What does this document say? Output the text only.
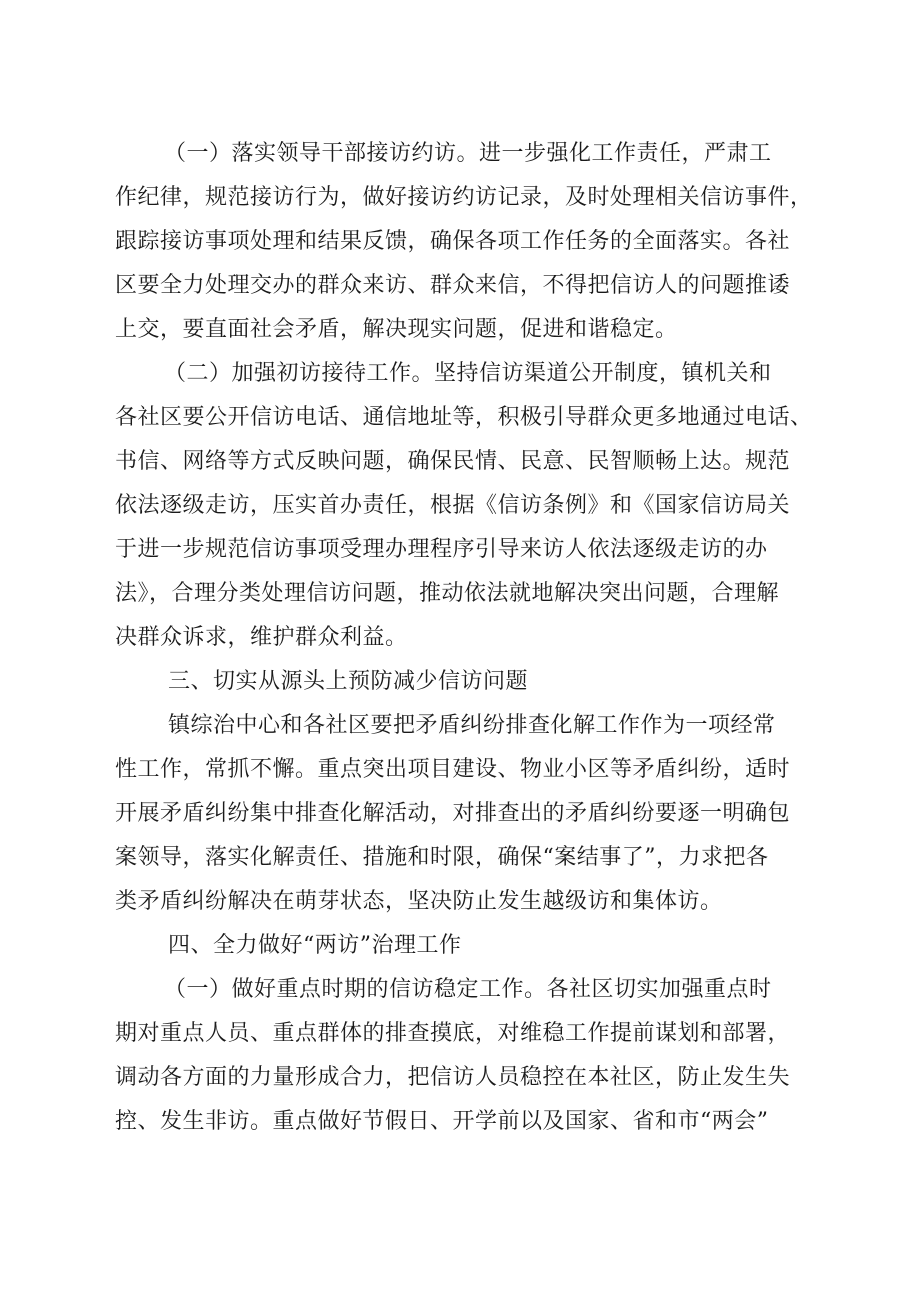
（一）落实领导干部接访约访。进一步强化工作责任，严肃工
作纪律，规范接访行为，做好接访约访记录，及时处理相关信访事件，
跟踪接访事项处理和结果反馈，确保各项工作任务的全面落实。各社
区要全力处理交办的群众来访、群众来信，不得把信访人的问题推诿
上交，要直面社会矛盾，解决现实问题，促进和谐稳定。
（二）加强初访接待工作。坚持信访渠道公开制度，镇机关和
各社区要公开信访电话、通信地址等，积极引导群众更多地通过电话、
书信、网络等方式反映问题，确保民情、民意、民智顺畅上达。规范
依法逐级走访，压实首办责任，根据《信访条例》和《国家信访局关
于进一步规范信访事项受理办理程序引导来访人依法逐级走访的办
法》，合理分类处理信访问题，推动依法就地解决突出问题，合理解
决群众诉求，维护群众利益。
三、切实从源头上预防减少信访问题
镇综治中心和各社区要把矛盾纠纷排查化解工作作为一项经常
性工作，常抓不懈。重点突出项目建设、物业小区等矛盾纠纷，适时
开展矛盾纠纷集中排查化解活动，对排查出的矛盾纠纷要逐一明确包
案领导，落实化解责任、措施和时限，确保“案结事了”，力求把各
类矛盾纠纷解决在萌芽状态，坚决防止发生越级访和集体访。
四、全力做好“两访”治理工作
（一）做好重点时期的信访稳定工作。各社区切实加强重点时
期对重点人员、重点群体的排查摸底，对维稳工作提前谋划和部署，
调动各方面的力量形成合力，把信访人员稳控在本社区，防止发生失
控、发生非访。重点做好节假日、开学前以及国家、省和市“两会”
